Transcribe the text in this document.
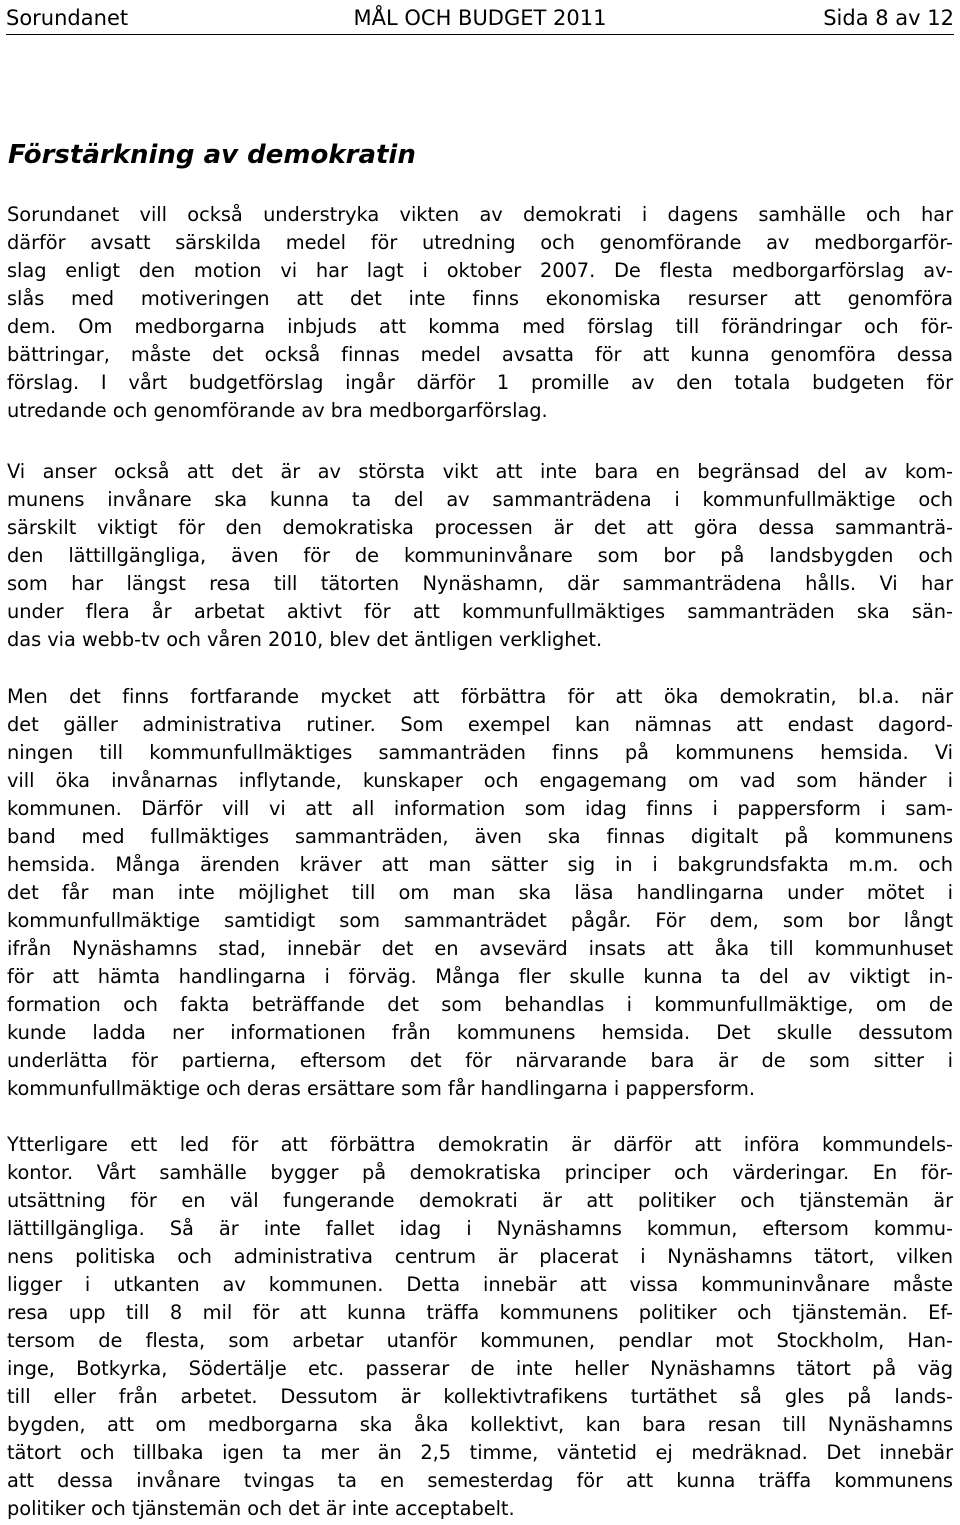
Sorundanet	MÅL OCH BUDGET 2011	Sida 8 av 12
Förstärkning av demokratin

Sorundanet vill också understryka vikten av demokrati i dagens samhälle och har
därför avsatt särskilda medel för utredning och genomförande av medborgarför-
slag enligt den motion vi har lagt i oktober 2007. De flesta medborgarförslag av-
slås med motiveringen att det inte finns ekonomiska resurser att genomföra
dem. Om medborgarna inbjuds att komma med förslag till förändringar och för-
bättringar, måste det också finnas medel avsatta för att kunna genomföra dessa
förslag. I vårt budgetförslag ingår därför 1 promille av den totala budgeten för
utredande och genomförande av bra medborgarförslag.

Vi anser också att det är av största vikt att inte bara en begränsad del av kom-
munens invånare ska kunna ta del av sammanträdena i kommunfullmäktige och
särskilt viktigt för den demokratiska processen är det att göra dessa sammanträ-
den lättillgängliga, även för de kommuninvånare som bor på landsbygden och
som har längst resa till tätorten Nynäshamn, där sammanträdena hålls. Vi har
under flera år arbetat aktivt för att kommunfullmäktiges sammanträden ska sän-
das via webb-tv och våren 2010, blev det äntligen verklighet.

Men det finns fortfarande mycket att förbättra för att öka demokratin, bl.a. när
det gäller administrativa rutiner. Som exempel kan nämnas att endast dagord-
ningen till kommunfullmäktiges sammanträden finns på kommunens hemsida. Vi
vill öka invånarnas inflytande, kunskaper och engagemang om vad som händer i
kommunen. Därför vill vi att all information som idag finns i pappersform i sam-
band med fullmäktiges sammanträden, även ska finnas digitalt på kommunens
hemsida. Många ärenden kräver att man sätter sig in i bakgrundsfakta m.m. och
det får man inte möjlighet till om man ska läsa handlingarna under mötet i
kommunfullmäktige samtidigt som sammanträdet pågår. För dem, som bor långt
ifrån Nynäshamns stad, innebär det en avsevärd insats att åka till kommunhuset
för att hämta handlingarna i förväg. Många fler skulle kunna ta del av viktigt in-
formation och fakta beträffande det som behandlas i kommunfullmäktige, om de
kunde ladda ner informationen från kommunens hemsida. Det skulle dessutom
underlätta för partierna, eftersom det för närvarande bara är de som sitter i
kommunfullmäktige och deras ersättare som får handlingarna i pappersform.

Ytterligare ett led för att förbättra demokratin är därför att införa kommundels-
kontor. Vårt samhälle bygger på demokratiska principer och värderingar. En för-
utsättning för en väl fungerande demokrati är att politiker och tjänstemän är
lättillgängliga. Så är inte fallet idag i Nynäshamns kommun, eftersom kommu-
nens politiska och administrativa centrum är placerat i Nynäshamns tätort, vilken
ligger i utkanten av kommunen. Detta innebär att vissa kommuninvånare måste
resa upp till 8 mil för att kunna träffa kommunens politiker och tjänstemän. Ef-
tersom de flesta, som arbetar utanför kommunen, pendlar mot Stockholm, Han-
inge, Botkyrka, Södertälje etc. passerar de inte heller Nynäshamns tätort på väg
till eller från arbetet. Dessutom är kollektivtrafikens turtäthet så gles på lands-
bygden, att om medborgarna ska åka kollektivt, kan bara resan till Nynäshamns
tätort och tillbaka igen ta mer än 2,5 timme, väntetid ej medräknad. Det innebär
att dessa invånare tvingas ta en semesterdag för att kunna träffa kommunens
politiker och tjänstemän och det är inte acceptabelt.
